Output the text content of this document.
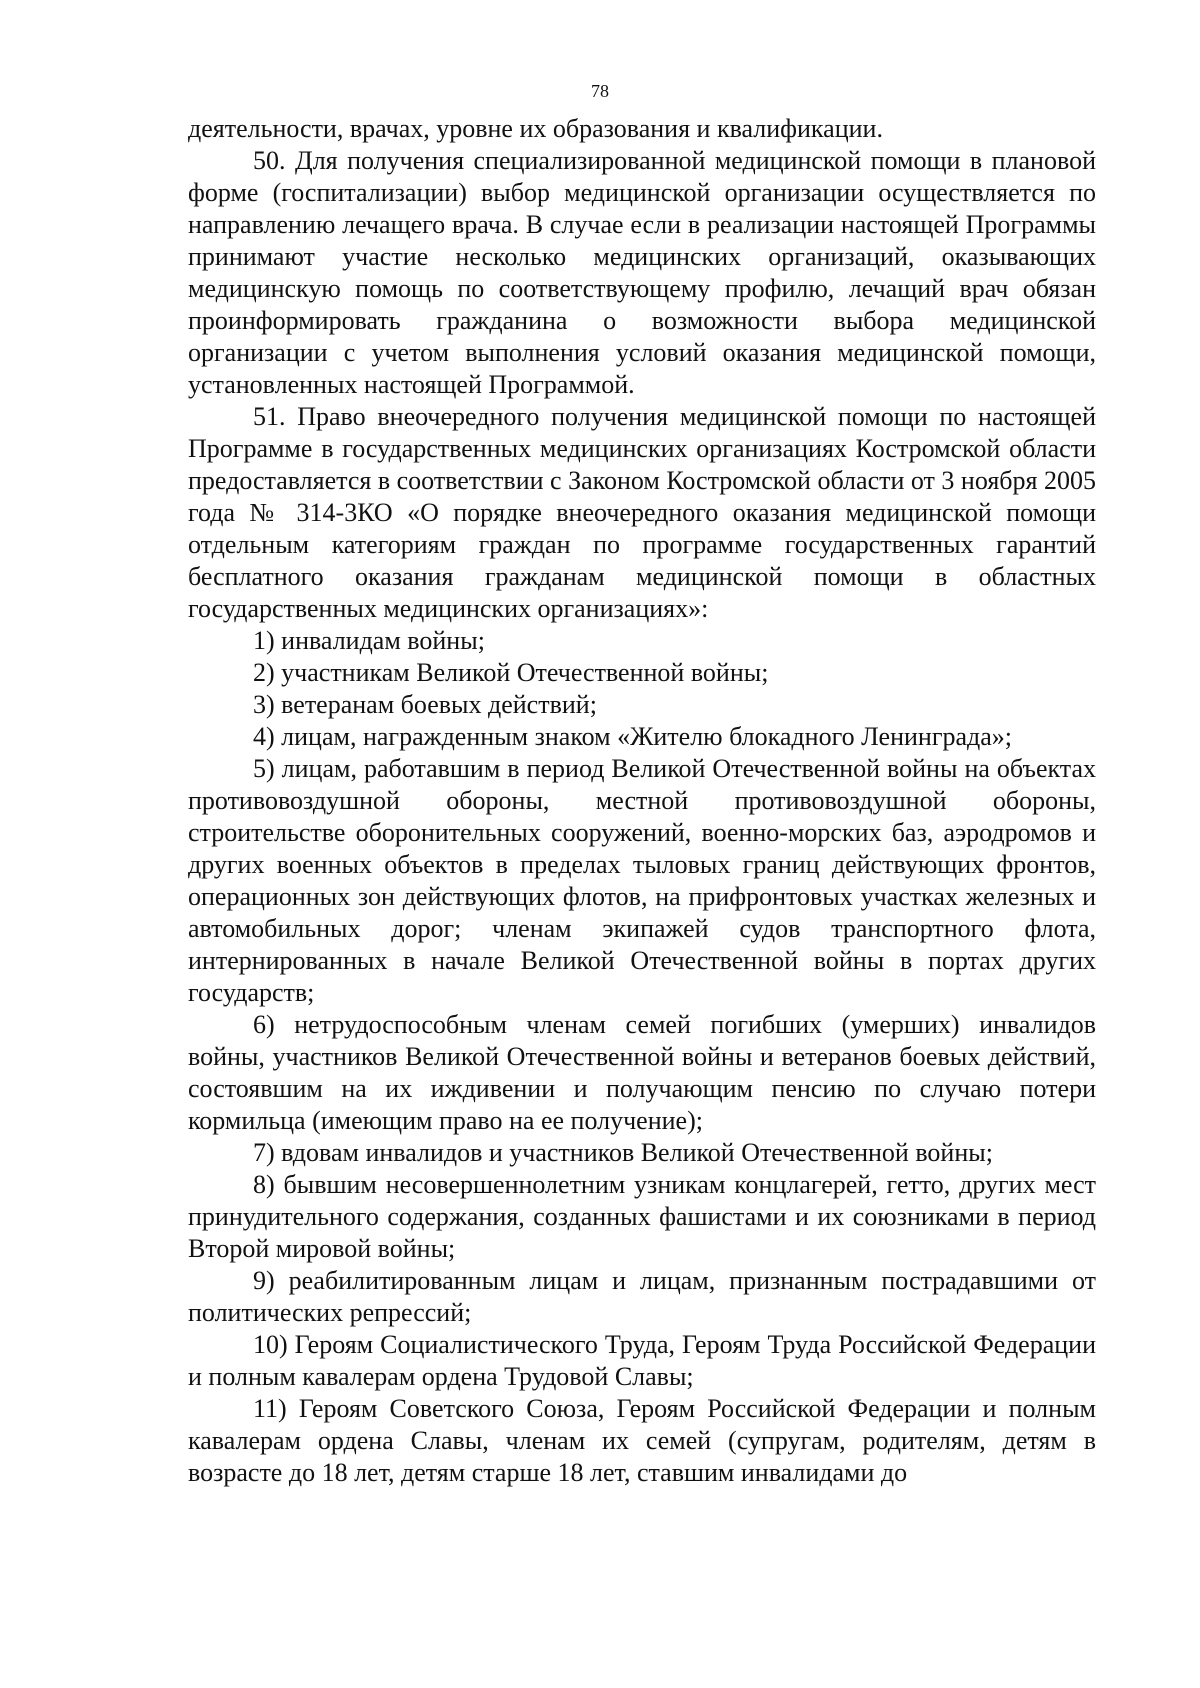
78

деятельности, врачах, уровне их образования и квалификации.

50. Для получения специализированной медицинской помощи в плановой форме (госпитализации) выбор медицинской организации осуществляется по направлению лечащего врача. В случае если в реализации настоящей Программы принимают участие несколько медицинских организаций, оказывающих медицинскую помощь по соответствующему профилю, лечащий врач обязан проинформировать гражданина о возможности выбора медицинской организации с учетом выполнения условий оказания медицинской помощи, установленных настоящей Программой.

51. Право внеочередного получения медицинской помощи по настоящей Программе в государственных медицинских организациях Костромской области предоставляется в соответствии с Законом Костромской области от 3 ноября 2005 года № 314-3КО «О порядке внеочередного оказания медицинской помощи отдельным категориям граждан по программе государственных гарантий бесплатного оказания гражданам медицинской помощи в областных государственных медицинских организациях»:

1) инвалидам войны;

2) участникам Великой Отечественной войны;

3) ветеранам боевых действий;

4) лицам, награжденным знаком «Жителю блокадного Ленинграда»;

5) лицам, работавшим в период Великой Отечественной войны на объектах противовоздушной обороны, местной противовоздушной обороны, строительстве оборонительных сооружений, военно-морских баз, аэродромов и других военных объектов в пределах тыловых границ действующих фронтов, операционных зон действующих флотов, на прифронтовых участках железных и автомобильных дорог; членам экипажей судов транспортного флота, интернированных в начале Великой Отечественной войны в портах других государств;

6) нетрудоспособным членам семей погибших (умерших) инвалидов войны, участников Великой Отечественной войны и ветеранов боевых действий, состоявшим на их иждивении и получающим пенсию по случаю потери кормильца (имеющим право на ее получение);

7) вдовам инвалидов и участников Великой Отечественной войны;

8) бывшим несовершеннолетним узникам концлагерей, гетто, других мест принудительного содержания, созданных фашистами и их союзниками в период Второй мировой войны;

9) реабилитированным лицам и лицам, признанным пострадавшими от политических репрессий;

10) Героям Социалистического Труда, Героям Труда Российской Федерации и полным кавалерам ордена Трудовой Славы;

11) Героям Советского Союза, Героям Российской Федерации и полным кавалерам ордена Славы, членам их семей (супругам, родителям, детям в возрасте до 18 лет, детям старше 18 лет, ставшим инвалидами до
